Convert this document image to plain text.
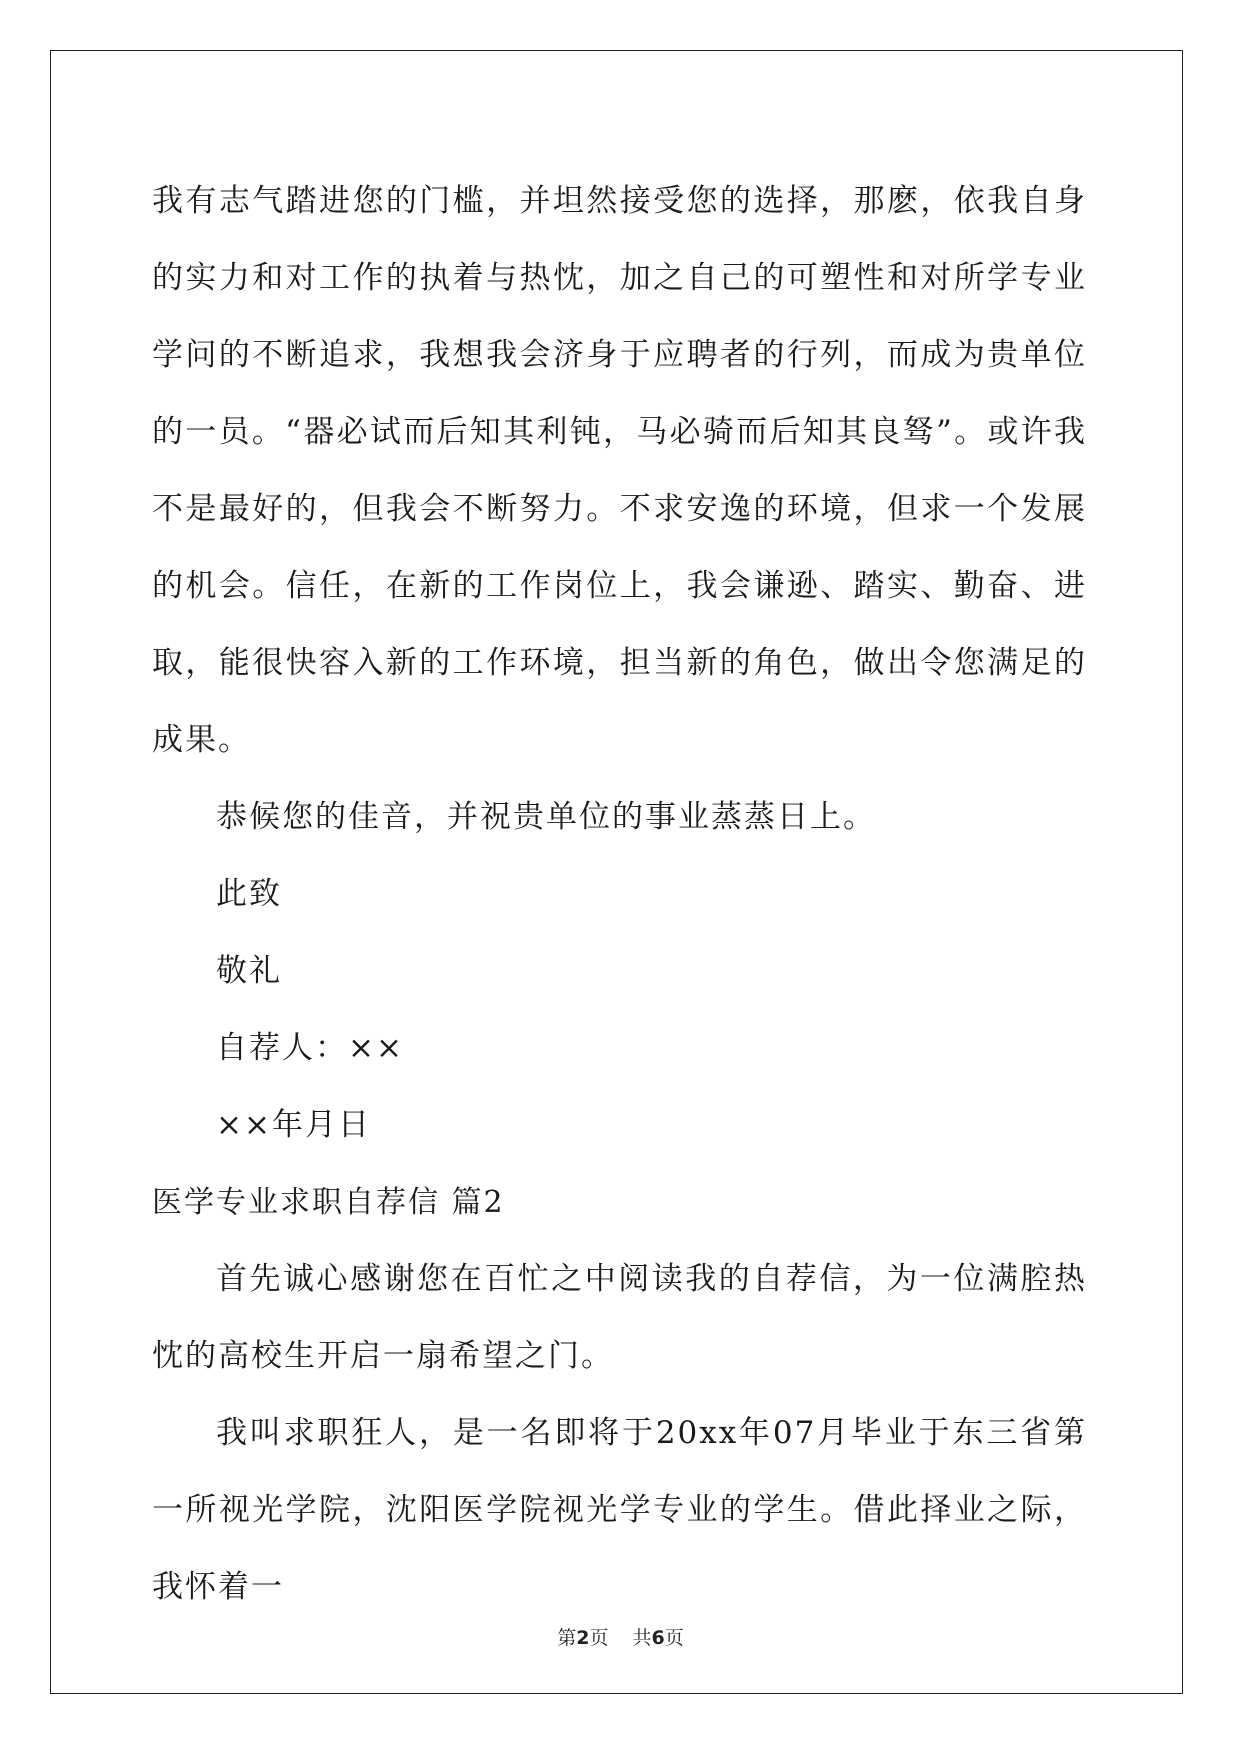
我有志气踏进您的门槛，并坦然接受您的选择，那麽，依我自身的实力和对工作的执着与热忱，加之自己的可塑性和对所学专业学问的不断追求，我想我会济身于应聘者的行列，而成为贵单位的一员。“器必试而后知其利钝，马必骑而后知其良驽”。或许我不是最好的，但我会不断努力。不求安逸的环境，但求一个发展的机会。信任，在新的工作岗位上，我会谦逊、踏实、勤奋、进取，能很快容入新的工作环境，担当新的角色，做出令您满足的成果。

恭候您的佳音，并祝贵单位的事业蒸蒸日上。

此致

敬礼

自荐人：××

××年月日

医学专业求职自荐信 篇2

首先诚心感谢您在百忙之中阅读我的自荐信，为一位满腔热忱的高校生开启一扇希望之门。

我叫求职狂人，是一名即将于20xx年07月毕业于东三省第一所视光学院，沈阳医学院视光学专业的学生。借此择业之际，我怀着一

第2页 共6页
